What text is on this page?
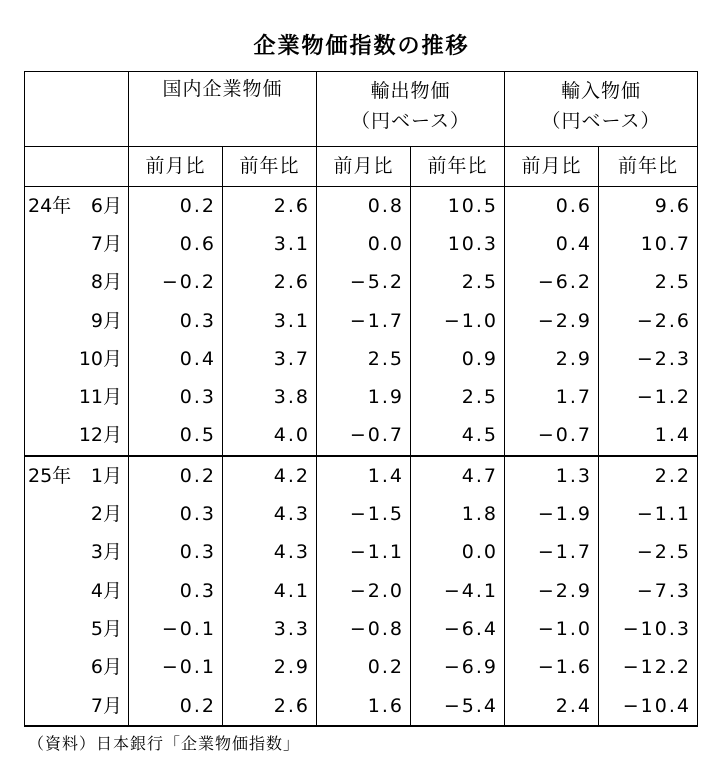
企業物価指数の推移
	国内企業物価		輸出物価		輸入物価	
			（円ベース）		（円ベース）	
	前月比	前年比	前月比	前年比	前月比	前年比

24年 6月	0.2	2.6	0.8	10.5	0.6	9.6

7月	0.6	3.1	0.0	10.3	0.4	10.7

8月	−0.2	2.6	−5.2	2.5	−6.2	2.5

9月	0.3	3.1	−1.7	−1.0	−2.9	−2.6

10月	0.4	3.7	2.5	0.9	2.9	−2.3

11月	0.3	3.8	1.9	2.5	1.7	−1.2

12月	0.5	4.0	−0.7	4.5	−0.7	1.4

25年 1月	0.2	4.2	1.4	4.7	1.3	2.2

2月	0.3	4.3	−1.5	1.8	−1.9	−1.1

3月	0.3	4.3	−1.1	0.0	−1.7	−2.5

4月	0.3	4.1	−2.0	−4.1	−2.9	−7.3

5月	−0.1	3.3	−0.8	−6.4	−1.0	−10.3

6月	−0.1	2.9	0.2	−6.9	−1.6	−12.2

7月	0.2	2.6	1.6	−5.4	2.4	−10.4
（資料）日本銀行「企業物価指数」
